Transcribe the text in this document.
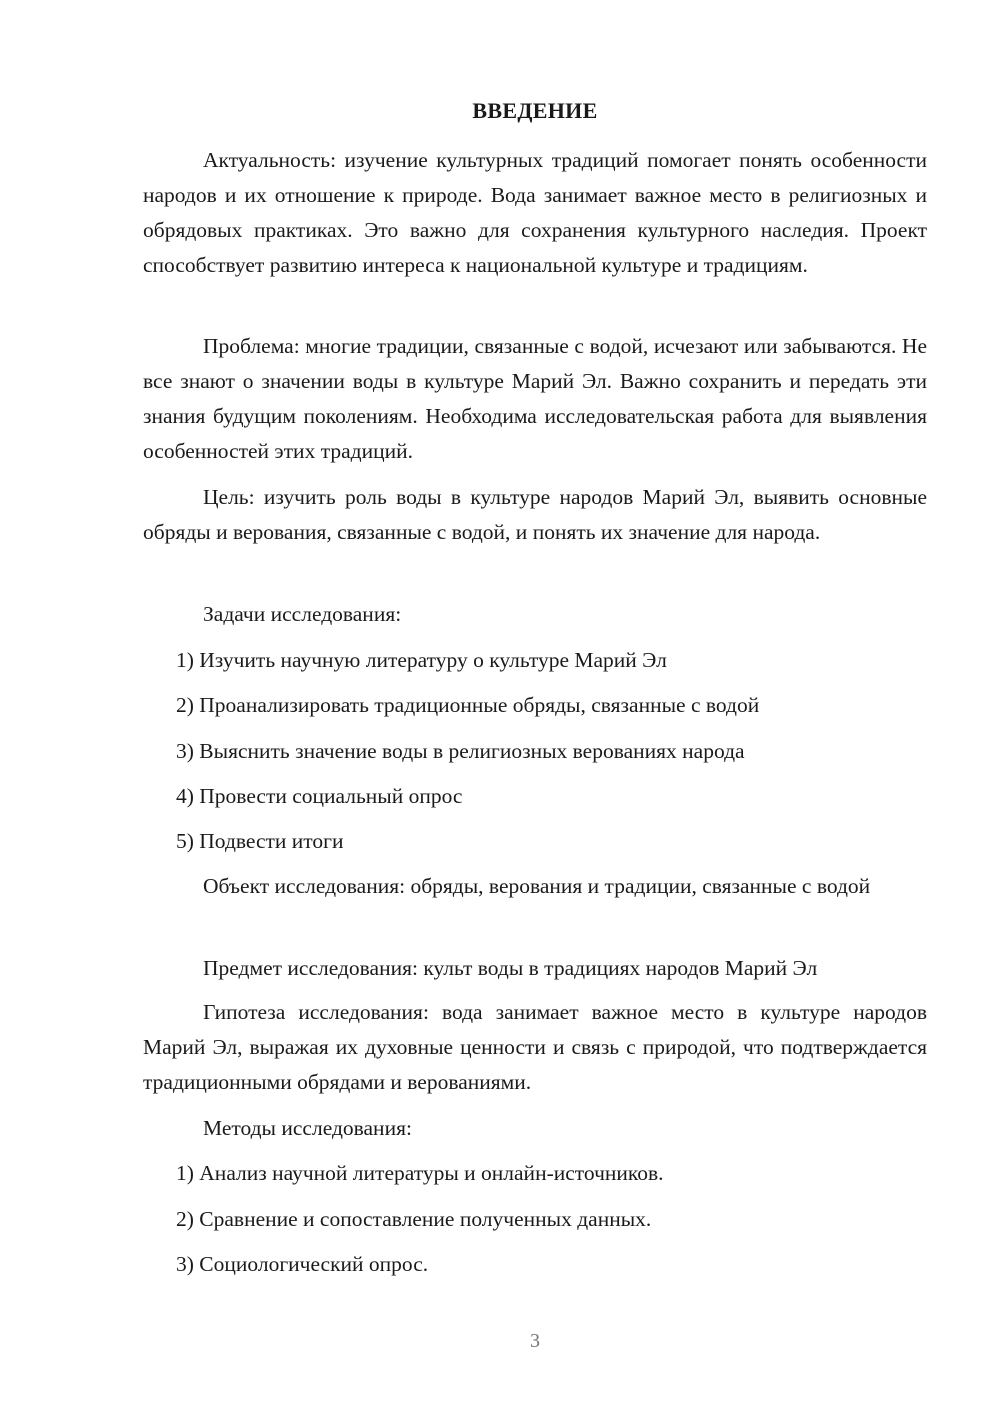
ВВЕДЕНИЕ

Актуальность: изучение культурных традиций помогает понять особенности народов и их отношение к природе. Вода занимает важное место в религиозных и обрядовых практиках. Это важно для сохранения культурного наследия. Проект способствует развитию интереса к национальной культуре и традициям.

Проблема: многие традиции, связанные с водой, исчезают или забываются. Не все знают о значении воды в культуре Марий Эл. Важно сохранить и передать эти знания будущим поколениям. Необходима исследовательская работа для выявления особенностей этих традиций.

Цель: изучить роль воды в культуре народов Марий Эл, выявить основные обряды и верования, связанные с водой, и понять их значение для народа.

Задачи исследования:

1) Изучить научную литературу о культуре Марий Эл
2) Проанализировать традиционные обряды, связанные с водой
3) Выяснить значение воды в религиозных верованиях народа
4) Провести социальный опрос
5) Подвести итоги

Объект исследования: обряды, верования и традиции, связанные с водой

Предмет исследования: культ воды в традициях народов Марий Эл

Гипотеза исследования: вода занимает важное место в культуре народов Марий Эл, выражая их духовные ценности и связь с природой, что подтверждается традиционными обрядами и верованиями.

Методы исследования:

1) Анализ научной литературы и онлайн-источников.
2) Сравнение и сопоставление полученных данных.
3) Социологический опрос.
3
